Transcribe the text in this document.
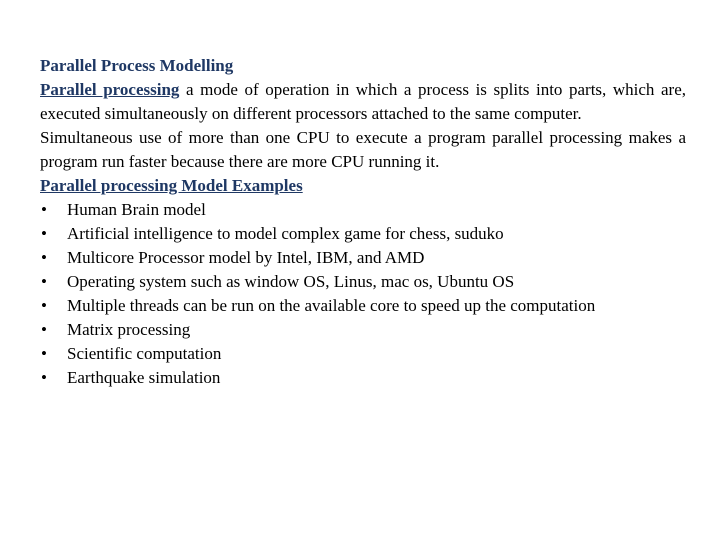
Parallel Process Modelling
Parallel processing a mode of operation in which a process is splits into parts, which are, executed simultaneously on different processors attached to the same computer.
Simultaneous use of more than one CPU to execute a program parallel processing makes a program run faster because there are more CPU running it.
Parallel processing Model Examples
• Human Brain model
• Artificial intelligence to model complex game for chess, suduko
• Multicore Processor model by Intel, IBM, and AMD
• Operating system such as window OS, Linus, mac os, Ubuntu OS
• Multiple threads can be run on the available core to speed up the computation
• Matrix processing
• Scientific computation
• Earthquake simulation
